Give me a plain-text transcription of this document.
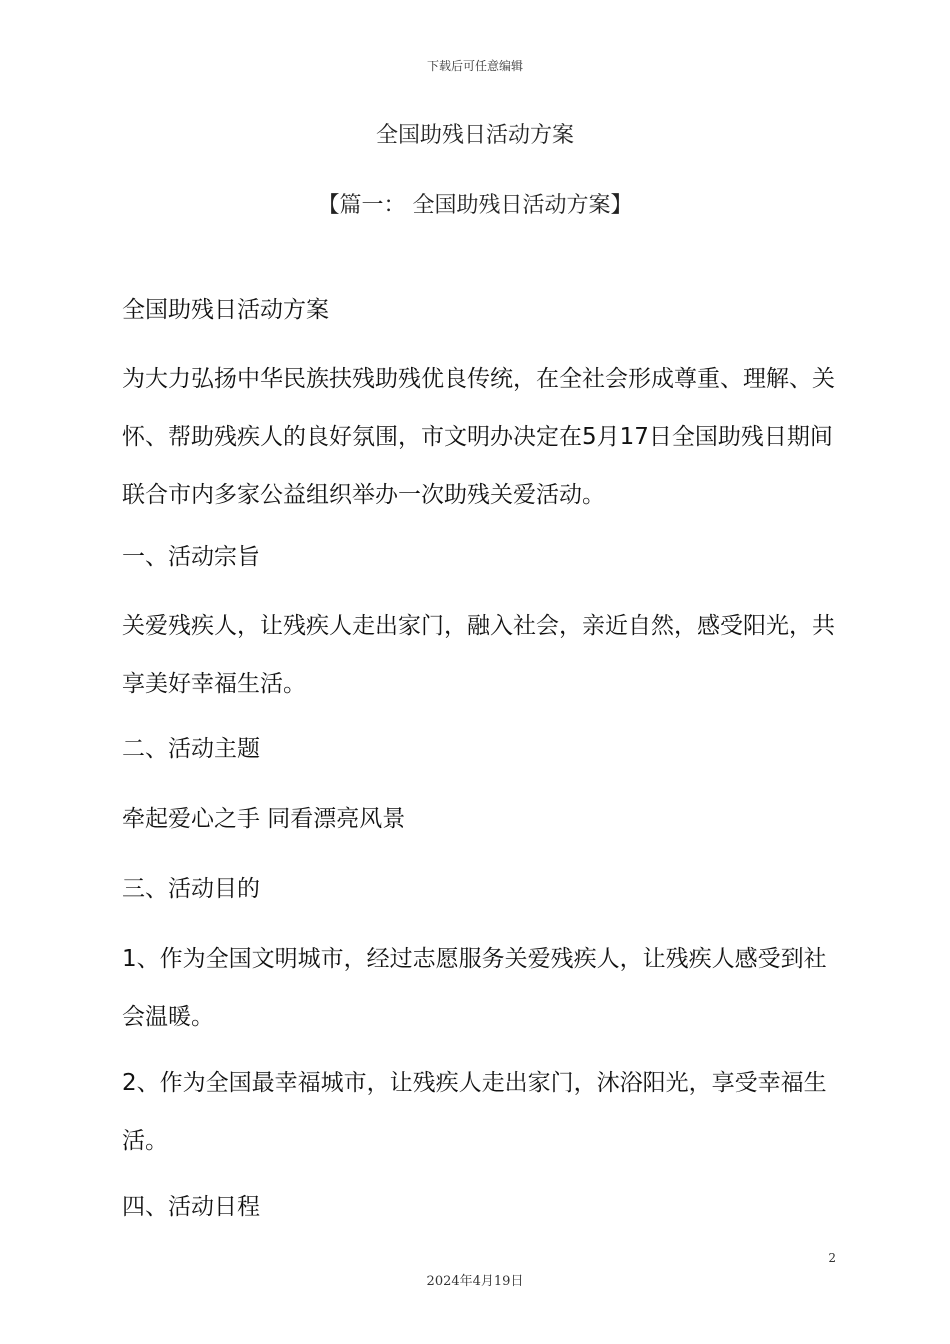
下载后可任意编辑
全国助残日活动方案
【篇一： 全国助残日活动方案】
全国助残日活动方案
为大力弘扬中华民族扶残助残优良传统，在全社会形成尊重、理解、关怀、帮助残疾人的良好氛围，市文明办决定在5月17日全国助残日期间联合市内多家公益组织举办一次助残关爱活动。
一、活动宗旨
关爱残疾人，让残疾人走出家门，融入社会，亲近自然，感受阳光，共享美好幸福生活。
二、活动主题
牵起爱心之手 同看漂亮风景
三、活动目的
1、作为全国文明城市，经过志愿服务关爱残疾人，让残疾人感受到社会温暖。
2、作为全国最幸福城市，让残疾人走出家门，沐浴阳光，享受幸福生活。
四、活动日程
2
2024年4月19日
